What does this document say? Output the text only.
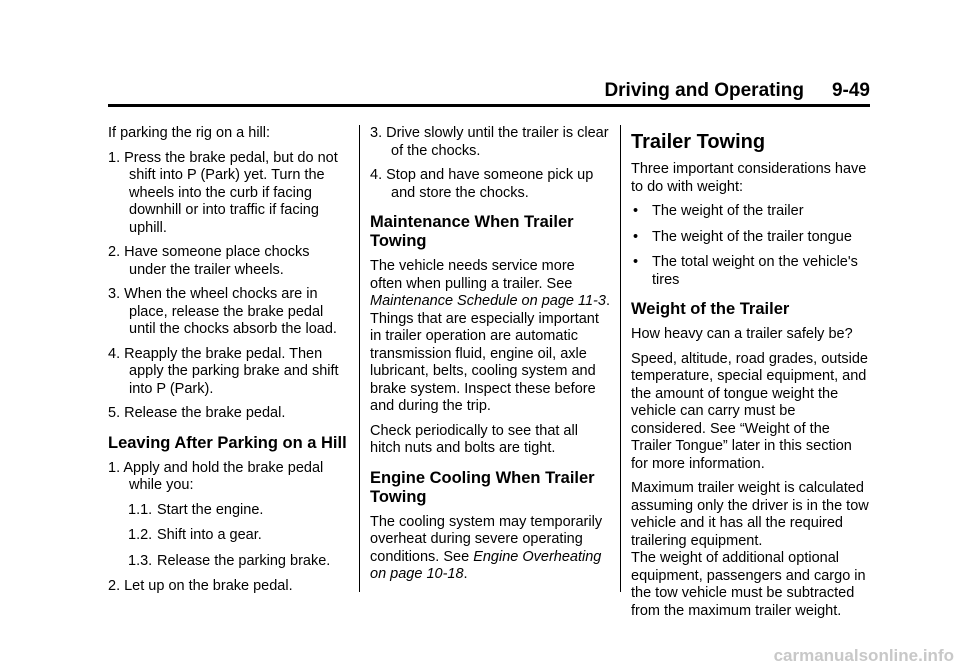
Driving and Operating 9-49

If parking the rig on a hill:

1. Press the brake pedal, but do not shift into P (Park) yet. Turn the wheels into the curb if facing downhill or into traffic if facing uphill.

2. Have someone place chocks under the trailer wheels.

3. When the wheel chocks are in place, release the brake pedal until the chocks absorb the load.

4. Reapply the brake pedal. Then apply the parking brake and shift into P (Park).

5. Release the brake pedal.

Leaving After Parking on a Hill

1. Apply and hold the brake pedal while you:

1.1. Start the engine.
1.2. Shift into a gear.
1.3. Release the parking brake.

2. Let up on the brake pedal.

3. Drive slowly until the trailer is clear of the chocks.

4. Stop and have someone pick up and store the chocks.

Maintenance When Trailer Towing

The vehicle needs service more often when pulling a trailer. See Maintenance Schedule on page 11-3. Things that are especially important in trailer operation are automatic transmission fluid, engine oil, axle lubricant, belts, cooling system and brake system. Inspect these before and during the trip.

Check periodically to see that all hitch nuts and bolts are tight.

Engine Cooling When Trailer Towing

The cooling system may temporarily overheat during severe operating conditions. See Engine Overheating on page 10-18.

Trailer Towing

Three important considerations have to do with weight:

• The weight of the trailer
• The weight of the trailer tongue
• The total weight on the vehicle's tires
Weight of the Trailer

How heavy can a trailer safely be?

Speed, altitude, road grades, outside temperature, special equipment, and the amount of tongue weight the vehicle can carry must be considered. See “Weight of the Trailer Tongue” later in this section for more information.

Maximum trailer weight is calculated assuming only the driver is in the tow vehicle and it has all the required trailering equipment.

The weight of additional optional equipment, passengers and cargo in the tow vehicle must be subtracted from the maximum trailer weight.

carmanualsonline.info
